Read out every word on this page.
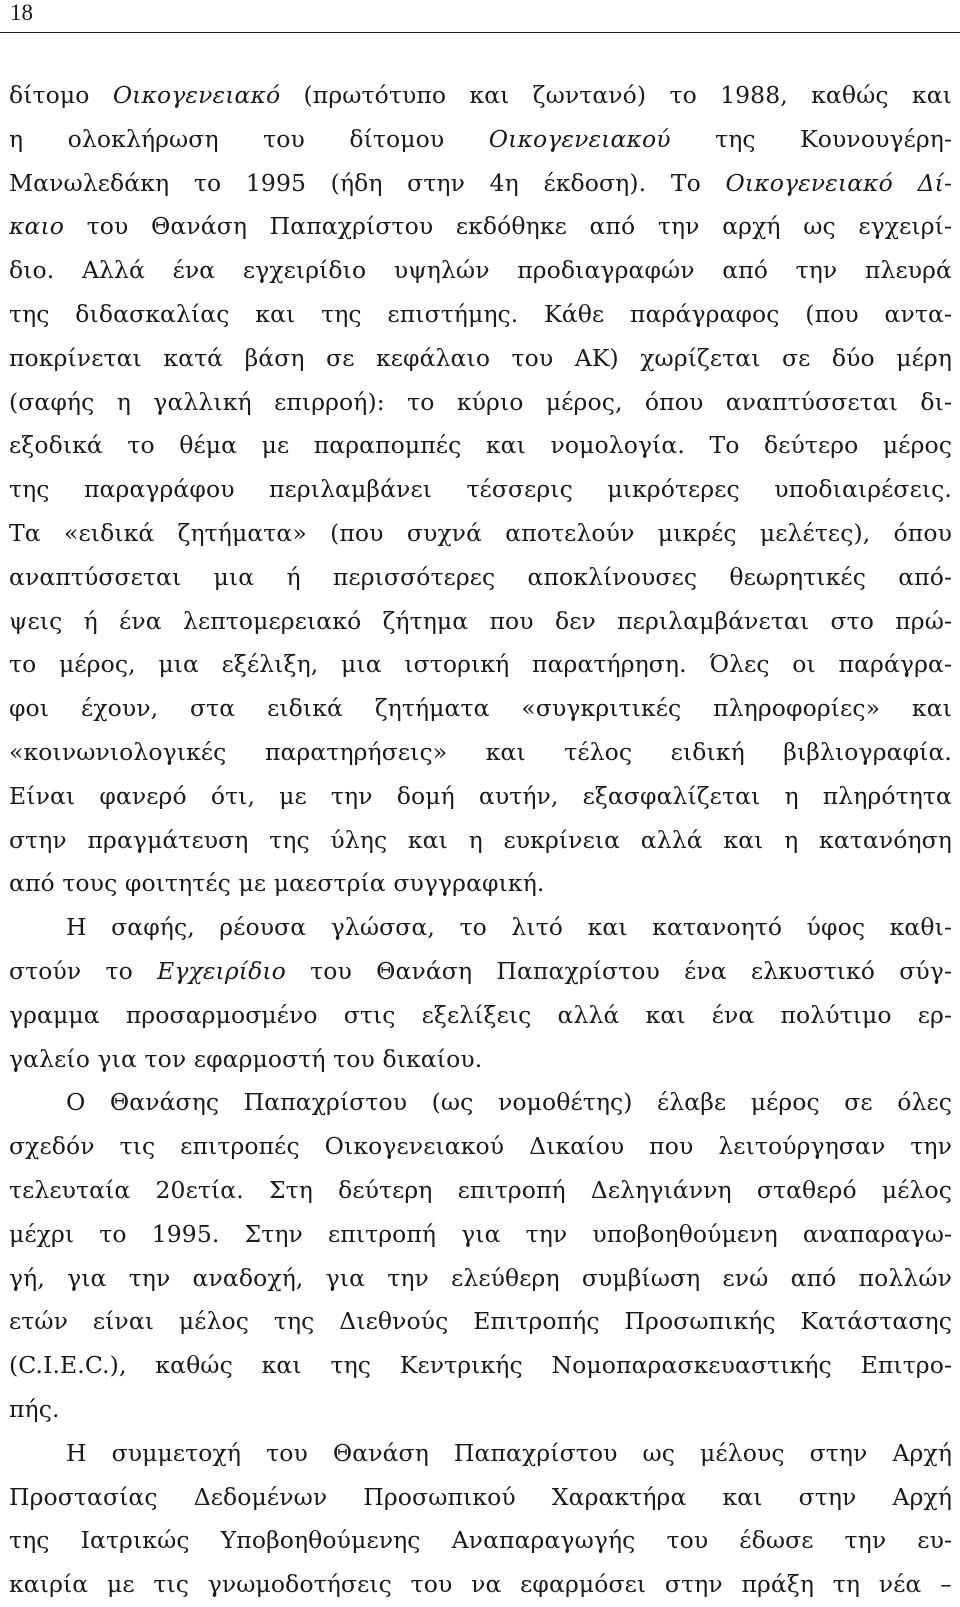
18
δίτομο Οικογενειακό (πρωτότυπο και ζωντανό) το 1988, καθώς και
η ολοκλήρωση του δίτομου Οικογενειακού της Κουνουγέρη-
Μανωλεδάκη το 1995 (ήδη στην 4η έκδοση). Το Οικογενειακό Δί-
καιο του Θανάση Παπαχρίστου εκδόθηκε από την αρχή ως εγχειρί-
διο. Αλλά ένα εγχειρίδιο υψηλών προδιαγραφών από την πλευρά
της διδασκαλίας και της επιστήμης. Κάθε παράγραφος (που αντα-
ποκρίνεται κατά βάση σε κεφάλαιο του ΑΚ) χωρίζεται σε δύο μέρη
(σαφής η γαλλική επιρροή): το κύριο μέρος, όπου αναπτύσσεται δι-
εξοδικά το θέμα με παραπομπές και νομολογία. Το δεύτερο μέρος
της παραγράφου περιλαμβάνει τέσσερις μικρότερες υποδιαιρέσεις.
Τα «ειδικά ζητήματα» (που συχνά αποτελούν μικρές μελέτες), όπου
αναπτύσσεται μια ή περισσότερες αποκλίνουσες θεωρητικές από-
ψεις ή ένα λεπτομερειακό ζήτημα που δεν περιλαμβάνεται στο πρώ-
το μέρος, μια εξέλιξη, μια ιστορική παρατήρηση. Όλες οι παράγρα-
φοι έχουν, στα ειδικά ζητήματα «συγκριτικές πληροφορίες» και
«κοινωνιολογικές παρατηρήσεις» και τέλος ειδική βιβλιογραφία.
Είναι φανερό ότι, με την δομή αυτήν, εξασφαλίζεται η πληρότητα
στην πραγμάτευση της ύλης και η ευκρίνεια αλλά και η κατανόηση
από τους φοιτητές με μαεστρία συγγραφική.
Η σαφής, ρέουσα γλώσσα, το λιτό και κατανοητό ύφος καθι-
στούν το Εγχειρίδιο του Θανάση Παπαχρίστου ένα ελκυστικό σύγ-
γραμμα προσαρμοσμένο στις εξελίξεις αλλά και ένα πολύτιμο ερ-
γαλείο για τον εφαρμοστή του δικαίου.
Ο Θανάσης Παπαχρίστου (ως νομοθέτης) έλαβε μέρος σε όλες
σχεδόν τις επιτροπές Οικογενειακού Δικαίου που λειτούργησαν την
τελευταία 20ετία. Στη δεύτερη επιτροπή Δεληγιάννη σταθερό μέλος
μέχρι το 1995. Στην επιτροπή για την υποβοηθούμενη αναπαραγω-
γή, για την αναδοχή, για την ελεύθερη συμβίωση ενώ από πολλών
ετών είναι μέλος της Διεθνούς Επιτροπής Προσωπικής Κατάστασης
(C.I.E.C.), καθώς και της Κεντρικής Νομοπαρασκευαστικής Επιτρο-
πής.
Η συμμετοχή του Θανάση Παπαχρίστου ως μέλους στην Αρχή
Προστασίας Δεδομένων Προσωπικού Χαρακτήρα και στην Αρχή
της Ιατρικώς Υποβοηθούμενης Αναπαραγωγής του έδωσε την ευ-
καιρία με τις γνωμοδοτήσεις του να εφαρμόσει στην πράξη τη νέα –
